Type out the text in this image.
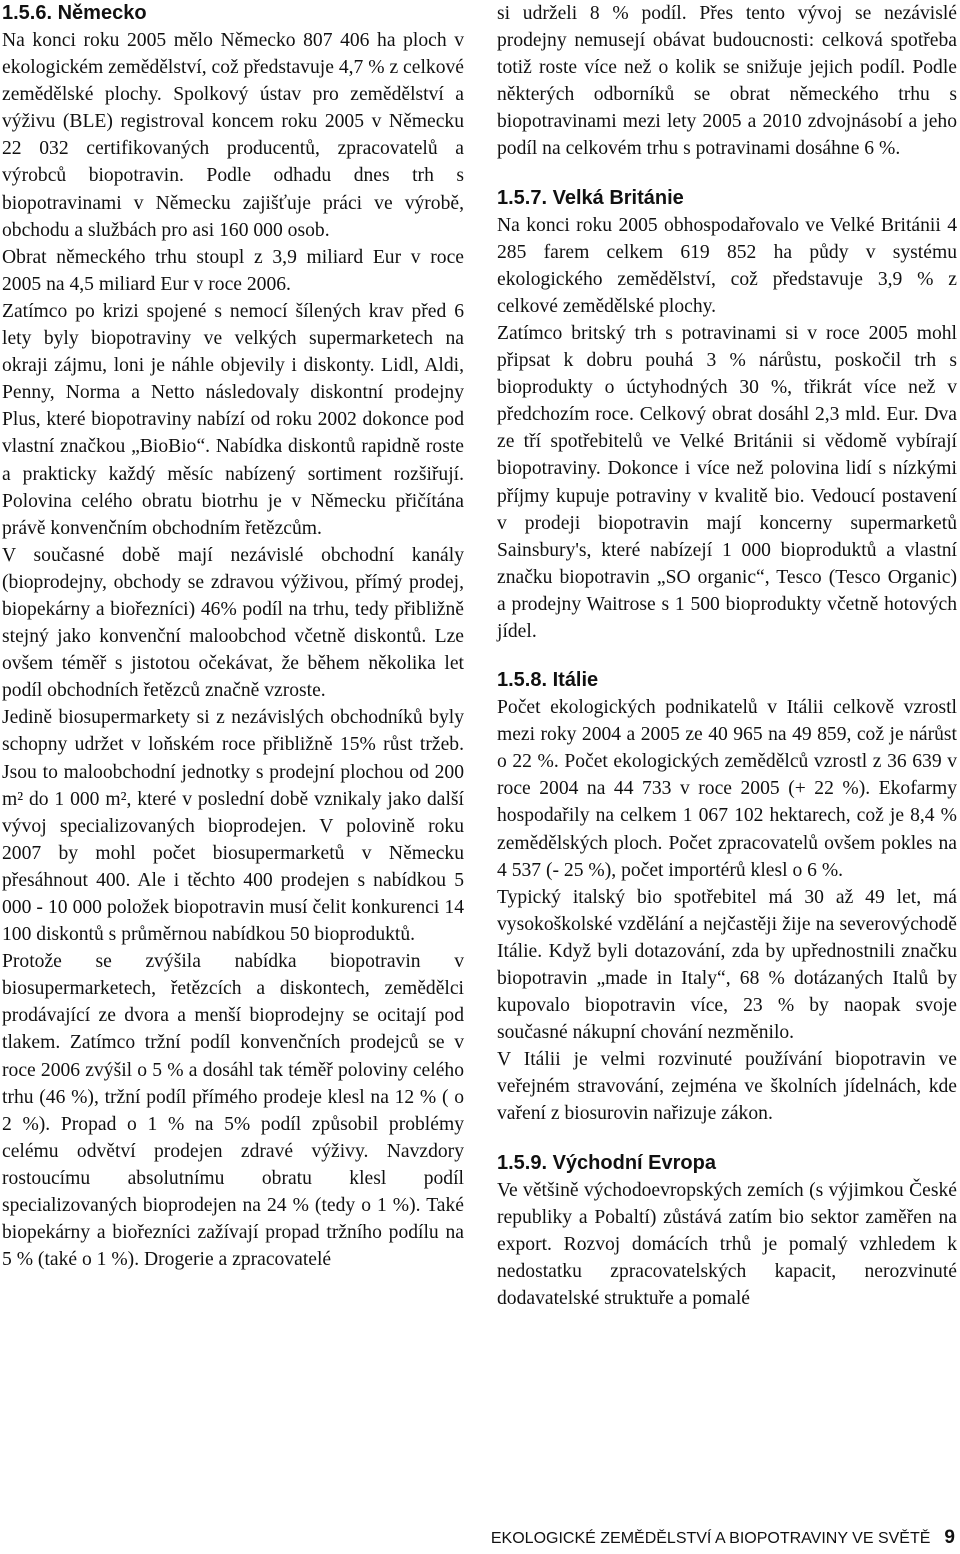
1.5.6. Německo

Na konci roku 2005 mělo Německo 807 406 ha ploch v ekologickém zemědělství, což představuje 4,7 % z celkové zemědělské plochy. Spolkový ústav pro zemědělství a výživu (BLE) registroval koncem roku 2005 v Německu 22 032 certifikovaných producentů, zpracovatelů a výrobců biopotravin. Podle odhadu dnes trh s biopotravinami v Německu zajišťuje práci ve výrobě, obchodu a službách pro asi 160 000 osob.

Obrat německého trhu stoupl z 3,9 miliard Eur v roce 2005 na 4,5 miliard Eur v roce 2006.

Zatímco po krizi spojené s nemocí šílených krav před 6 lety byly biopotraviny ve velkých supermarketech na okraji zájmu, loni je náhle objevily i diskonty. Lidl, Aldi, Penny, Norma a Netto následovaly diskontní prodejny Plus, které biopotraviny nabízí od roku 2002 dokonce pod vlastní značkou „BioBio“. Nabídka diskontů rapidně roste a prakticky každý měsíc nabízený sortiment rozšiřují. Polovina celého obratu biotrhu je v Německu přičítána právě konvenčním obchodním řetězcům.

V současné době mají nezávislé obchodní kanály (bioprodejny, obchody se zdravou výživou, přímý prodej, biopekárny a biořezníci) 46% podíl na trhu, tedy přibližně stejný jako konvenční maloobchod včetně diskontů. Lze ovšem téměř s jistotou očekávat, že během několika let podíl obchodních řetězců značně vzroste.

Jedině biosupermarkety si z nezávislých obchodníků byly schopny udržet v loňském roce přibližně 15% růst tržeb. Jsou to maloobchodní jednotky s prodejní plochou od 200 m² do 1 000 m², které v poslední době vznikaly jako další vývoj specializovaných bioprodejen. V polovině roku 2007 by mohl počet biosupermarketů v Německu přesáhnout 400. Ale i těchto 400 prodejen s nabídkou 5 000 - 10 000 položek biopotravin musí čelit konkurenci 14 100 diskontů s průměrnou nabídkou 50 bioproduktů.

Protože se zvýšila nabídka biopotravin v biosupermarketech, řetězcích a diskontech, zemědělci prodávající ze dvora a menší bioprodejny se ocitají pod tlakem. Zatímco tržní podíl konvenčních prodejců se v roce 2006 zvýšil o 5 % a dosáhl tak téměř poloviny celého trhu (46 %), tržní podíl přímého prodeje klesl na 12 % ( o 2 %). Propad o 1 % na 5% podíl způsobil problémy celému odvětví prodejen zdravé výživy. Navzdory rostoucímu absolutnímu obratu klesl podíl specializovaných bioprodejen na 24 % (tedy o 1 %). Také biopekárny a biořezníci zažívají propad tržního podílu na 5 % (také o 1 %). Drogerie a zpracovatelé

si udrželi 8 % podíl. Přes tento vývoj se nezávislé prodejny nemusejí obávat budoucnosti: celková spotřeba totiž roste více než o kolik se snižuje jejich podíl. Podle některých odborníků se obrat německého trhu s biopotravinami mezi lety 2005 a 2010 zdvojnásobí a jeho podíl na celkovém trhu s potravinami dosáhne 6 %.

1.5.7. Velká Británie

Na konci roku 2005 obhospodařovalo ve Velké Británii 4 285 farem celkem 619 852 ha půdy v systému ekologického zemědělství, což představuje 3,9 % z celkové zemědělské plochy.

Zatímco britský trh s potravinami si v roce 2005 mohl připsat k dobru pouhá 3 % nárůstu, poskočil trh s bioprodukty o úctyhodných 30 %, třikrát více než v předchozím roce. Celkový obrat dosáhl 2,3 mld. Eur. Dva ze tří spotřebitelů ve Velké Británii si vědomě vybírají biopotraviny. Dokonce i více než polovina lidí s nízkými příjmy kupuje potraviny v kvalitě bio. Vedoucí postavení v prodeji biopotravin mají koncerny supermarketů Sainsbury's, které nabízejí 1 000 bioproduktů a vlastní značku biopotravin „SO organic“, Tesco (Tesco Organic) a prodejny Waitrose s 1 500 bioprodukty včetně hotových jídel.

1.5.8. Itálie

Počet ekologických podnikatelů v Itálii celkově vzrostl mezi roky 2004 a 2005 ze 40 965 na 49 859, což je nárůst o 22 %. Počet ekologických zemědělců vzrostl z 36 639 v roce 2004 na 44 733 v roce 2005 (+ 22 %). Ekofarmy hospodařily na celkem 1 067 102 hektarech, což je 8,4 % zemědělských ploch. Počet zpracovatelů ovšem pokles na 4 537 (- 25 %), počet importérů klesl o 6 %.

Typický italský bio spotřebitel má 30 až 49 let, má vysokoškolské vzdělání a nejčastěji žije na severovýchodě Itálie. Když byli dotazování, zda by upřednostnili značku biopotravin „made in Italy“, 68 % dotázaných Italů by kupovalo biopotravin více, 23 % by naopak svoje současné nákupní chování nezměnilo.

V Itálii je velmi rozvinuté používání biopotravin ve veřejném stravování, zejména ve školních jídelnách, kde vaření z biosurovin nařizuje zákon.

1.5.9. Východní Evropa

Ve většině východoevropských zemích (s výjimkou České republiky a Pobaltí) zůstává zatím bio sektor zaměřen na export. Rozvoj domácích trhů je pomalý vzhledem k nedostatku zpracovatelských kapacit, nerozvinuté dodavatelské struktuře a pomalé

EKOLOGICKÉ ZEMĚDĚLSTVÍ A BIOPOTRAVINY VE SVĚTĚ 9
